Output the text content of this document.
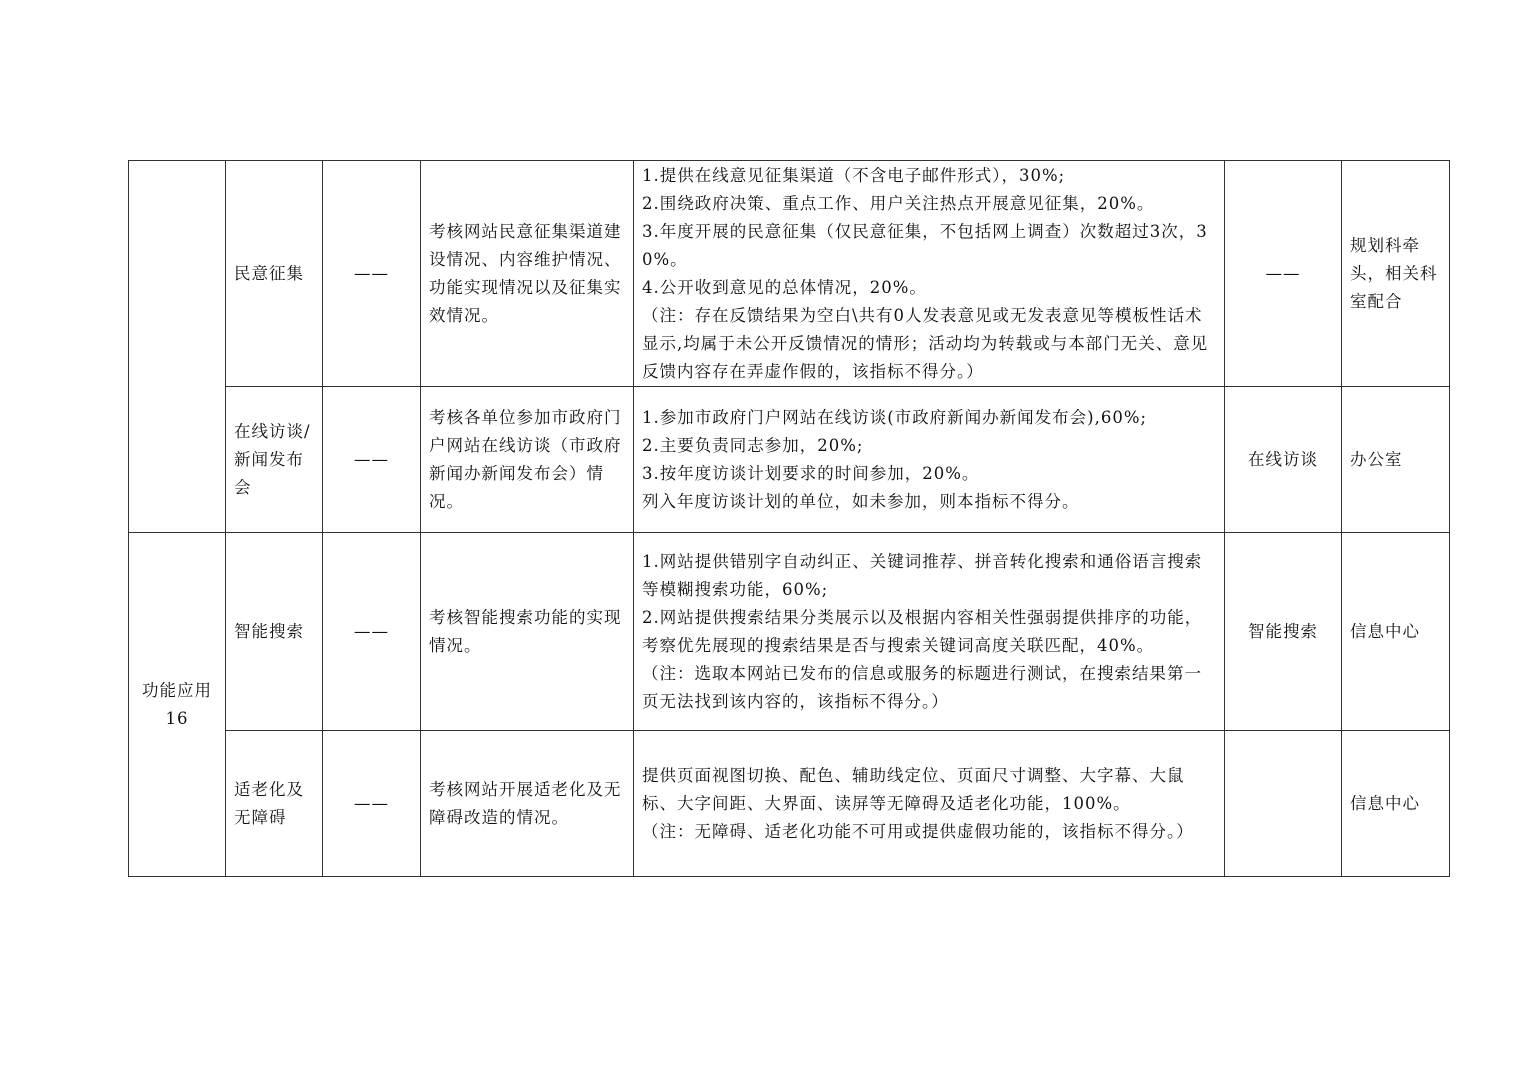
	民意征集	——	考核网站民意征集渠道建设情况、内容维护情况、功能实现情况以及征集实效情况。	1.提供在线意见征集渠道（不含电子邮件形式），30%;
2.围绕政府决策、重点工作、用户关注热点开展意见征集，20%。
3.年度开展的民意征集（仅民意征集，不包括网上调查）次数超过3次，30%。
4.公开收到意见的总体情况，20%。
（注：存在反馈结果为空白\共有0人发表意见或无发表意见等模板性话术显示,均属于未公开反馈情况的情形；活动均为转载或与本部门无关、意见反馈内容存在弄虚作假的，该指标不得分。）	——	规划科牵头，相关科室配合
	在线访谈/新闻发布会	——	考核各单位参加市政府门户网站在线访谈（市政府新闻办新闻发布会）情况。	1.参加市政府门户网站在线访谈(市政府新闻办新闻发布会),60%;
2.主要负责同志参加，20%;
3.按年度访谈计划要求的时间参加，20%。
列入年度访谈计划的单位，如未参加，则本指标不得分。	在线访谈	办公室
功能应用16	智能搜索	——	考核智能搜索功能的实现情况。	1.网站提供错别字自动纠正、关键词推荐、拼音转化搜索和通俗语言搜索等模糊搜索功能，60%;
2.网站提供搜索结果分类展示以及根据内容相关性强弱提供排序的功能，考察优先展现的搜索结果是否与搜索关键词高度关联匹配，40%。
（注：选取本网站已发布的信息或服务的标题进行测试，在搜索结果第一页无法找到该内容的，该指标不得分。）	智能搜索	信息中心
	适老化及无障碍	——	考核网站开展适老化及无障碍改造的情况。	提供页面视图切换、配色、辅助线定位、页面尺寸调整、大字幕、大鼠标、大字间距、大界面、读屏等无障碍及适老化功能，100%。
（注：无障碍、适老化功能不可用或提供虚假功能的，该指标不得分。）		信息中心
